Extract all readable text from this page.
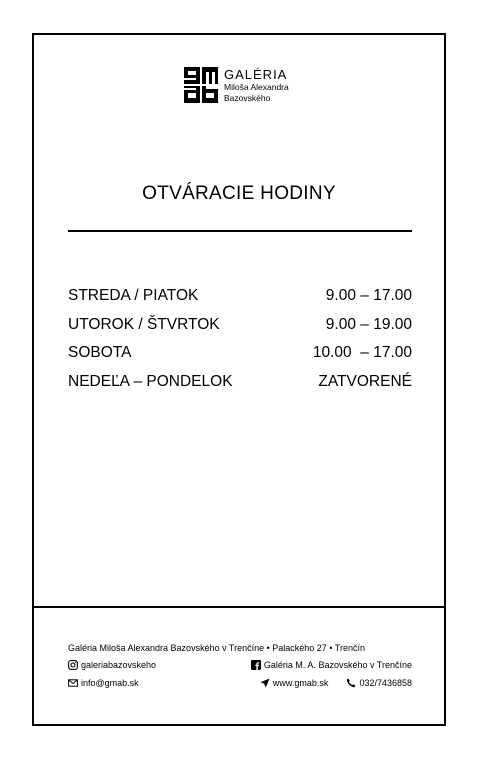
GALÉRIA
Miloša Alexandra
Bazovského
OTVÁRACIE HODINY
STREDA / PIATOK	9.00 – 17.00
UTOROK / ŠTVRTOK	9.00 – 19.00
SOBOTA	10.00  – 17.00
NEDEĽA – PONDELOK	ZATVORENÉ
Galéria Miloša Alexandra Bazovského v Trenčíne • Palackého 27 • Trenčín
galeriabazovskeho	Galéria M. A. Bazovského v Trenčíne
info@gmab.sk	www.gmab.sk	032/7436858
